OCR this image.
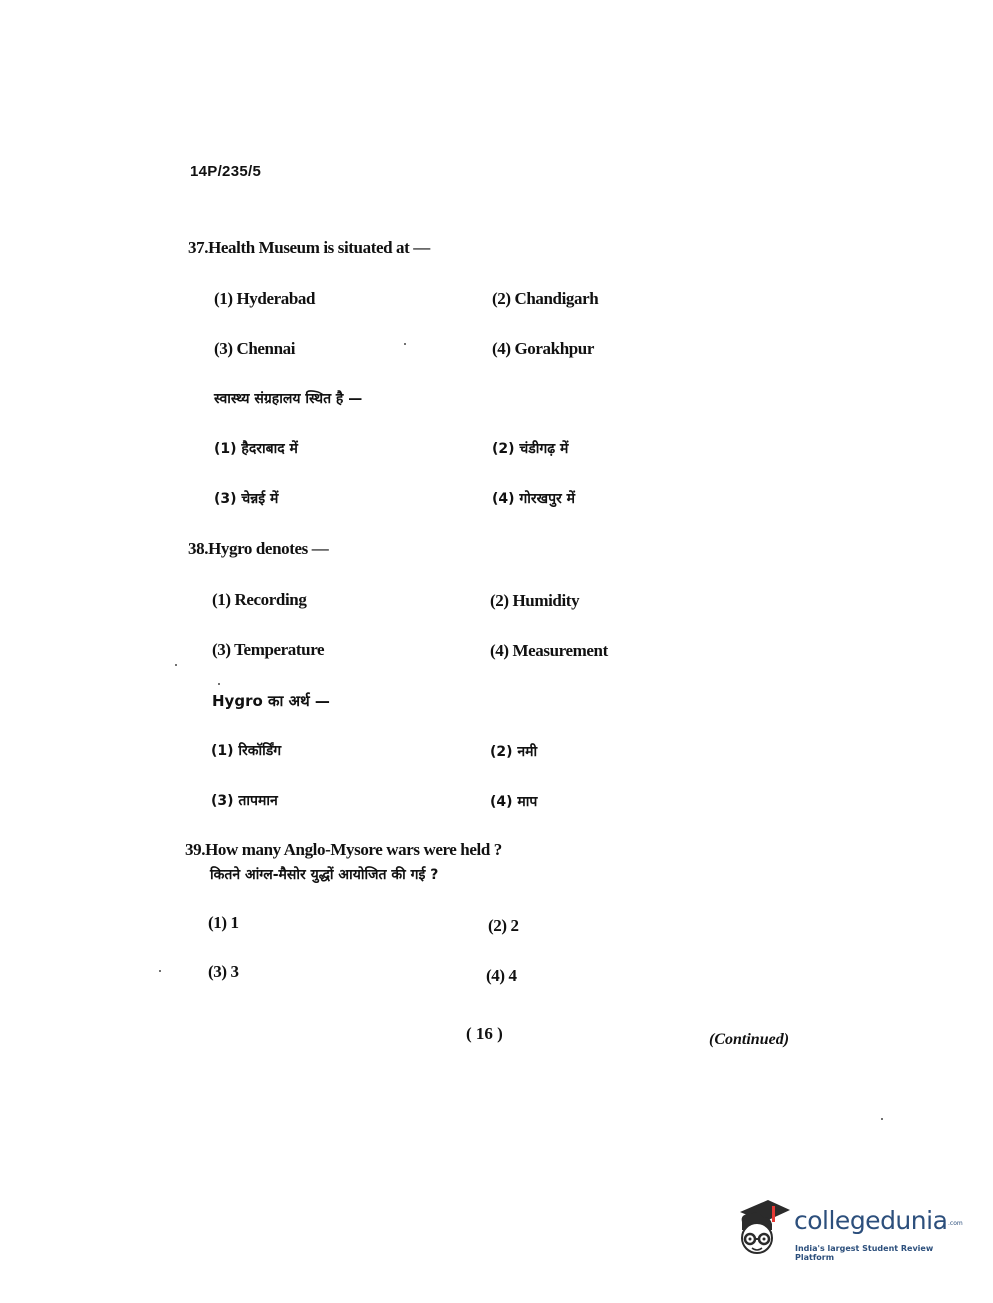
14P/235/5
37.Health Museum is situated at —
(1) Hyderabad	(2) Chandigarh
(3) Chennai	(4) Gorakhpur
स्वास्थ्य संग्रहालय स्थित है —
(1) हैदराबाद में	(2) चंडीगढ़ में
(3) चेन्नई में	(4) गोरखपुर में
38.Hygro denotes —
(1) Recording	(2) Humidity
(3) Temperature	(4) Measurement
Hygro का अर्थ —
(1) रिकॉर्डिंग	(2) नमी
(3) तापमान	(4) माप
39.How many Anglo-Mysore wars were held ?
कितने आंग्ल-मैसोर युद्धों आयोजित की गई ?
(1) 1	(2) 2
(3) 3	(4) 4
( 16 )	(Continued)
collegedunia .com
India's largest Student Review Platform
